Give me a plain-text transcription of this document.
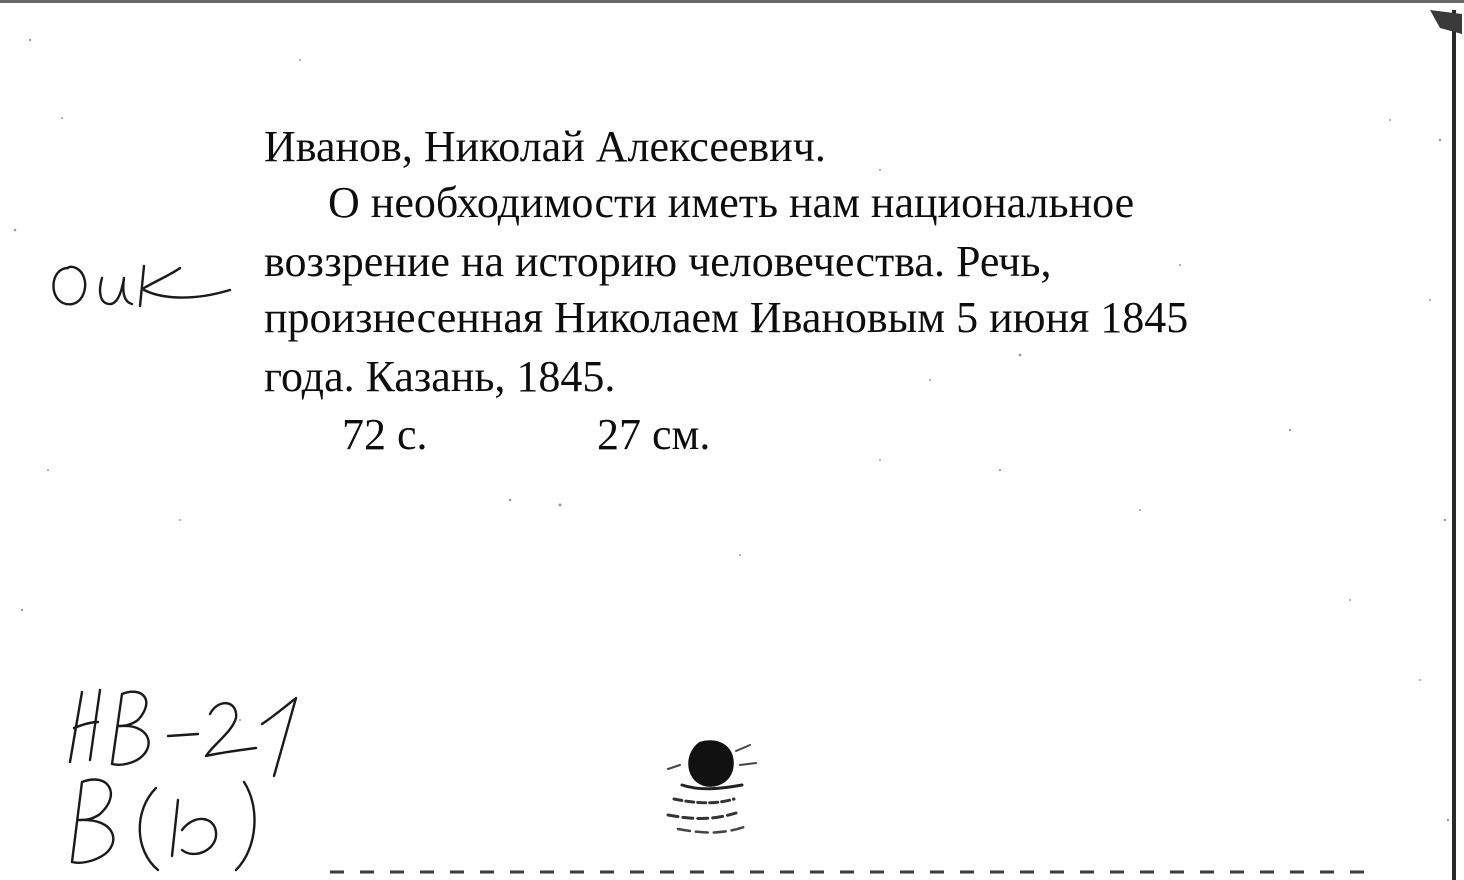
Иванов, Николай Алексеевич.
О необходимости иметь нам национальное
воззрение на историю человечества. Речь,
произнесенная Николаем Ивановым 5 июня 1845
года. Казань, 1845.
72 с.	27 см.
